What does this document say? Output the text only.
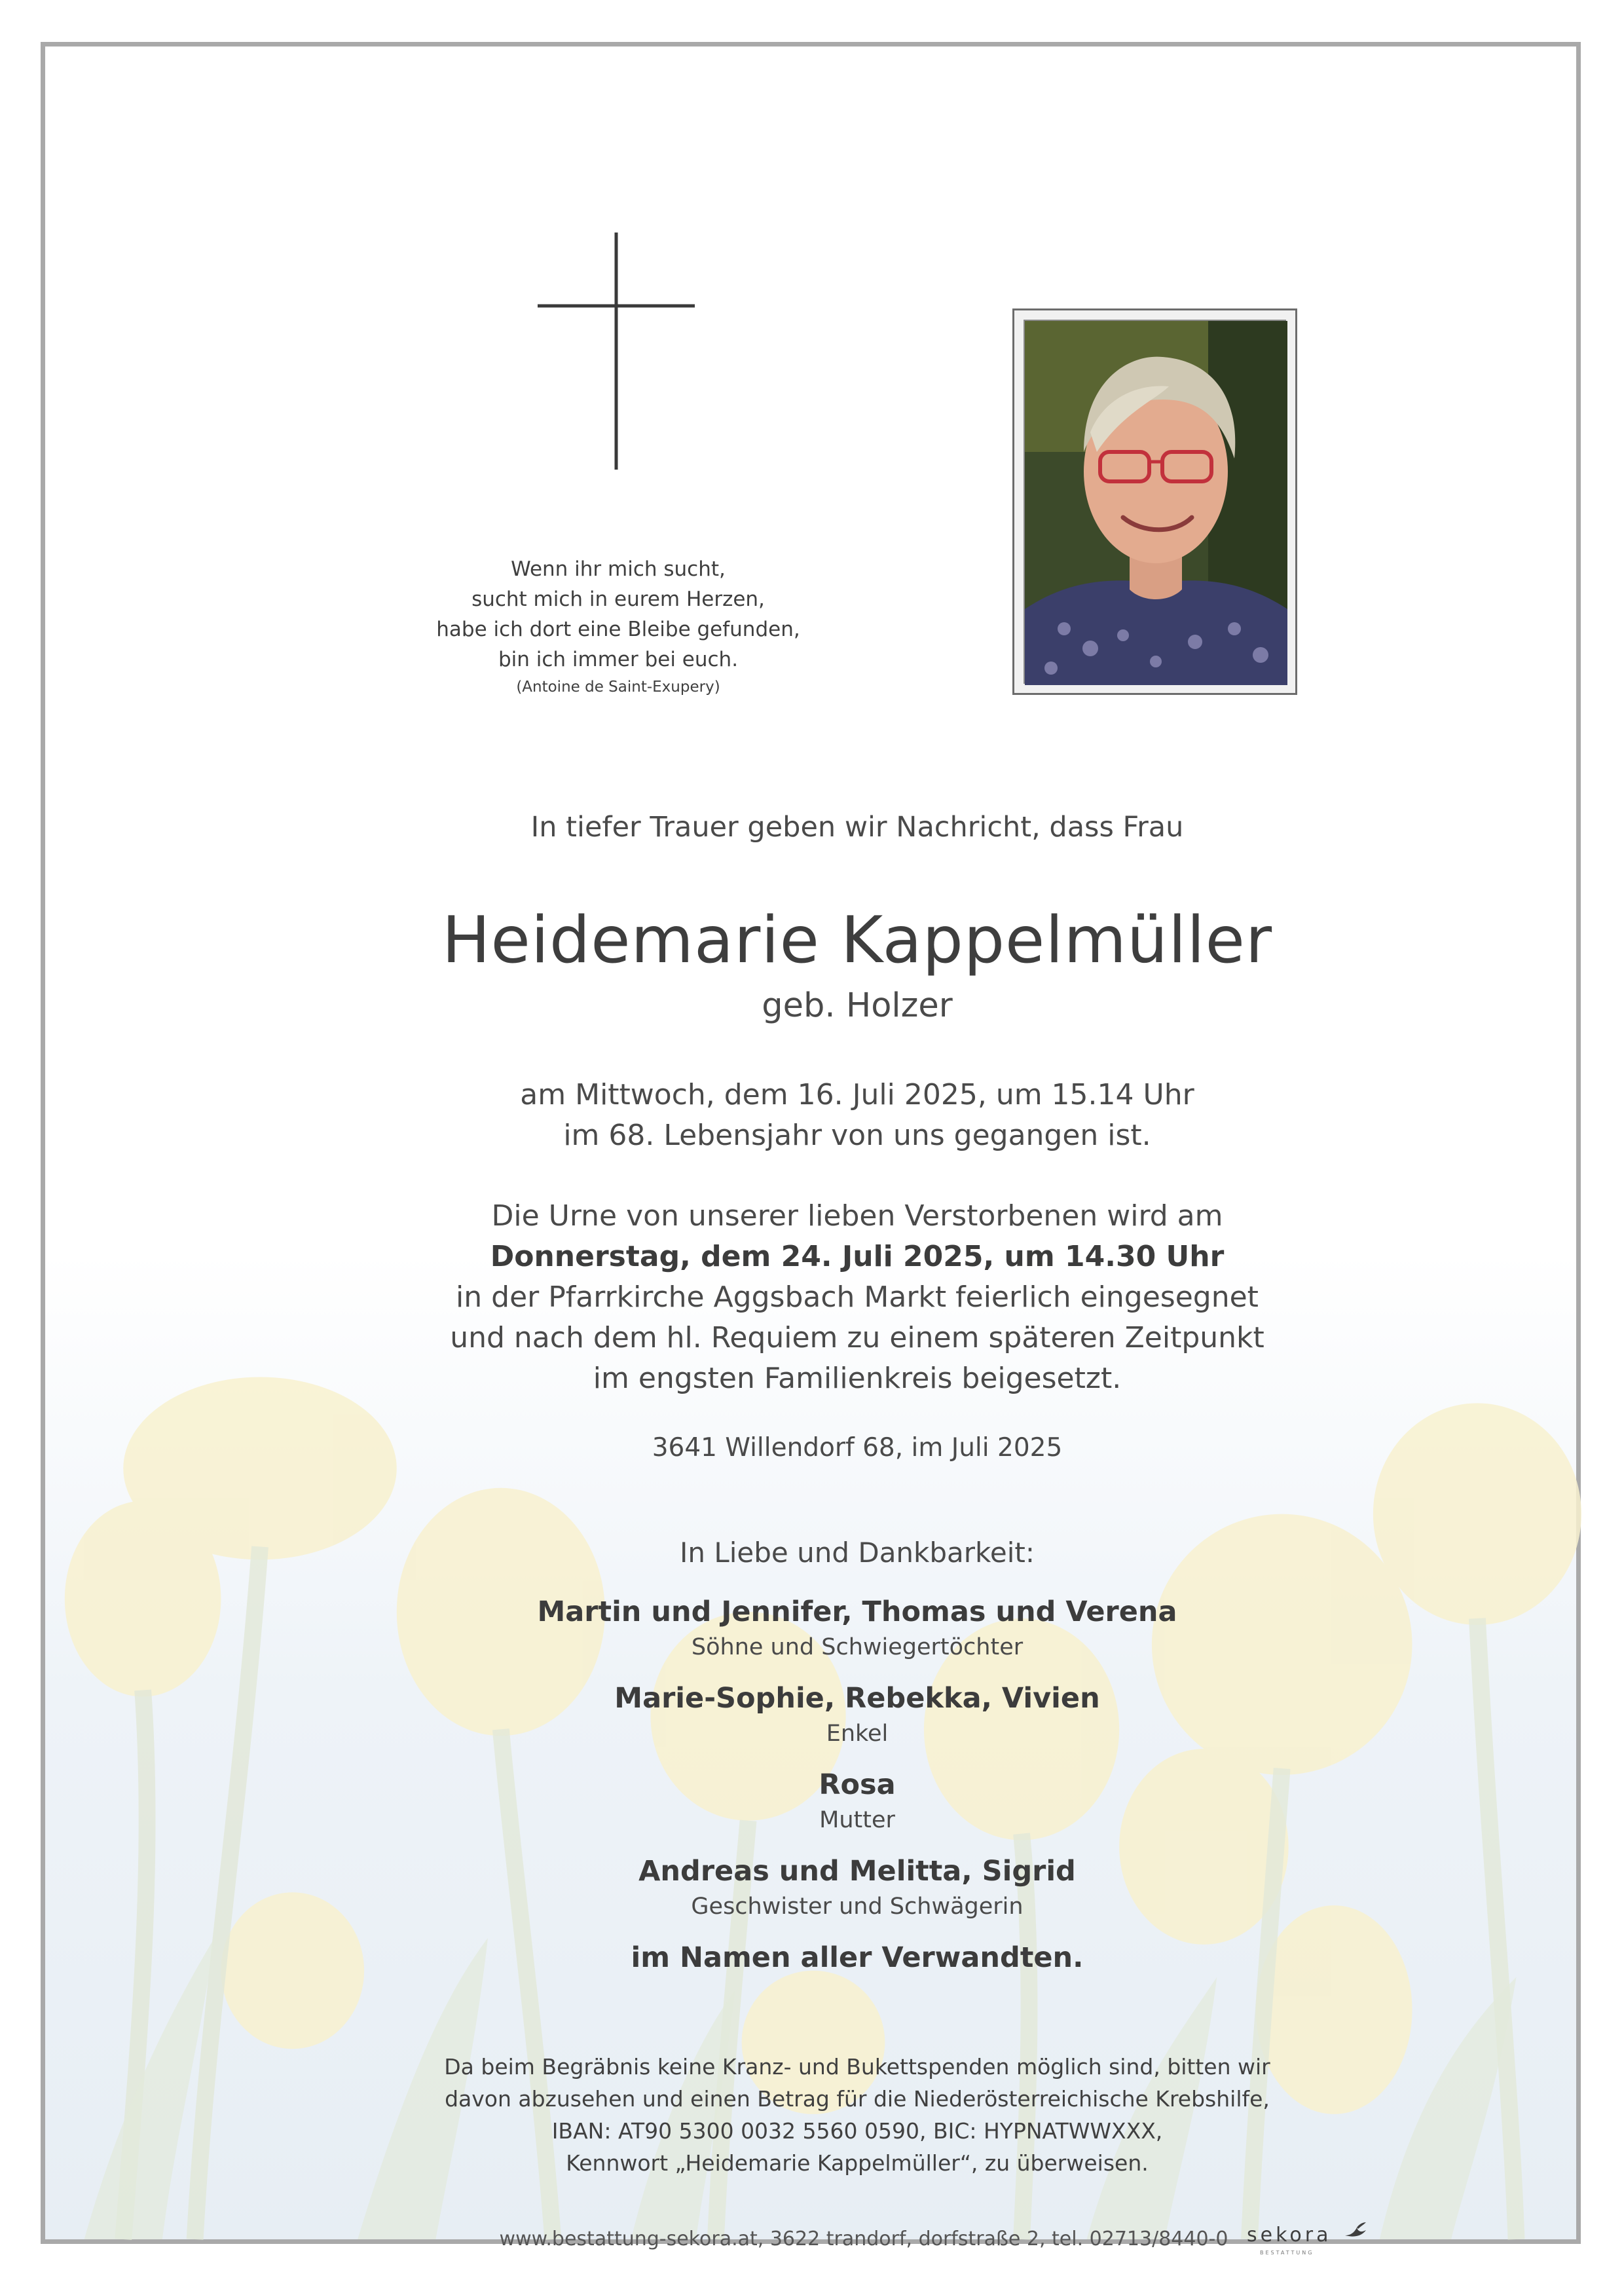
Wenn ihr mich sucht,
sucht mich in eurem Herzen,
habe ich dort eine Bleibe gefunden,
bin ich immer bei euch.
(Antoine de Saint-Exupery)
In tiefer Trauer geben wir Nachricht, dass Frau
Heidemarie Kappelmüller
geb. Holzer
am Mittwoch, dem 16. Juli 2025, um 15.14 Uhr
im 68. Lebensjahr von uns gegangen ist.
Die Urne von unserer lieben Verstorbenen wird am
Donnerstag, dem 24. Juli 2025, um 14.30 Uhr
in der Pfarrkirche Aggsbach Markt feierlich eingesegnet
und nach dem hl. Requiem zu einem späteren Zeitpunkt
im engsten Familienkreis beigesetzt.
3641 Willendorf 68, im Juli 2025
In Liebe und Dankbarkeit:
Martin und Jennifer, Thomas und Verena
Söhne und Schwiegertöchter
Marie-Sophie, Rebekka, Vivien
Enkel
Rosa
Mutter
Andreas und Melitta, Sigrid
Geschwister und Schwägerin
im Namen aller Verwandten.
Da beim Begräbnis keine Kranz- und Bukettspenden möglich sind, bitten wir
davon abzusehen und einen Betrag für die Niederösterreichische Krebshilfe,
IBAN: AT90 5300 0032 5560 0590, BIC: HYPNATWWXXX,
Kennwort „Heidemarie Kappelmüller“, zu überweisen.
www.bestattung-sekora.at, 3622 trandorf, dorfstraße 2, tel. 02713/8440-0 sekora
BESTATTUNG
